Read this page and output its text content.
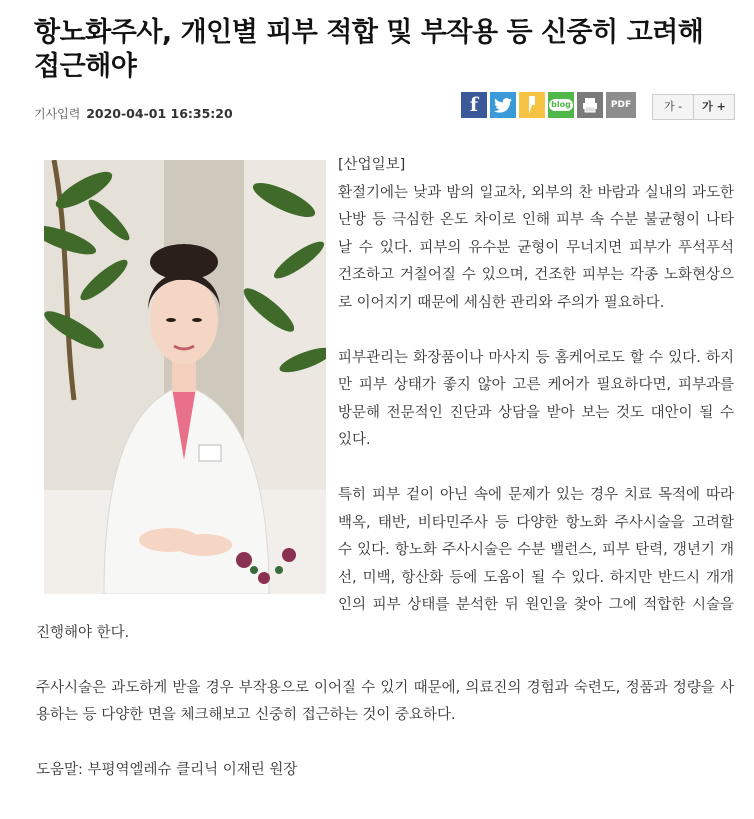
항노화주사, 개인별 피부 적합 및 부작용 등 신중히 고려해 접근해야
기사입력 2020-04-01 16:35:20	f	blog	PDF	가 -	가 +
[산업일보]

환절기에는 낮과 밤의 일교차, 외부의 찬 바람과 실내의 과도한 난방 등 극심한 온도 차이로 인해 피부 속 수분 불균형이 나타날 수 있다. 피부의 유수분 균형이 무너지면 피부가 푸석푸석 건조하고 거칠어질 수 있으며, 건조한 피부는 각종 노화현상으로 이어지기 때문에 세심한 관리와 주의가 필요하다.

피부관리는 화장품이나 마사지 등 홈케어로도 할 수 있다. 하지만 피부 상태가 좋지 않아 고른 케어가 필요하다면, 피부과를 방문해 전문적인 진단과 상담을 받아 보는 것도 대안이 될 수 있다.

특히 피부 겉이 아닌 속에 문제가 있는 경우 치료 목적에 따라 백옥, 태반, 비타민주사 등 다양한 항노화 주사시술을 고려할 수 있다. 항노화 주사시술은 수분 밸런스, 피부 탄력, 갱년기 개선, 미백, 항산화 등에 도움이 될 수 있다. 하지만 반드시 개개인의 피부 상태를 분석한 뒤 원인을 찾아 그에 적합한 시술을 진행해야 한다.

주사시술은 과도하게 받을 경우 부작용으로 이어질 수 있기 때문에, 의료진의 경험과 숙련도, 정품과 정량을 사용하는 등 다양한 면을 체크해보고 신중히 접근하는 것이 중요하다.

도움말: 부평역엘레슈 클리닉 이재린 원장
